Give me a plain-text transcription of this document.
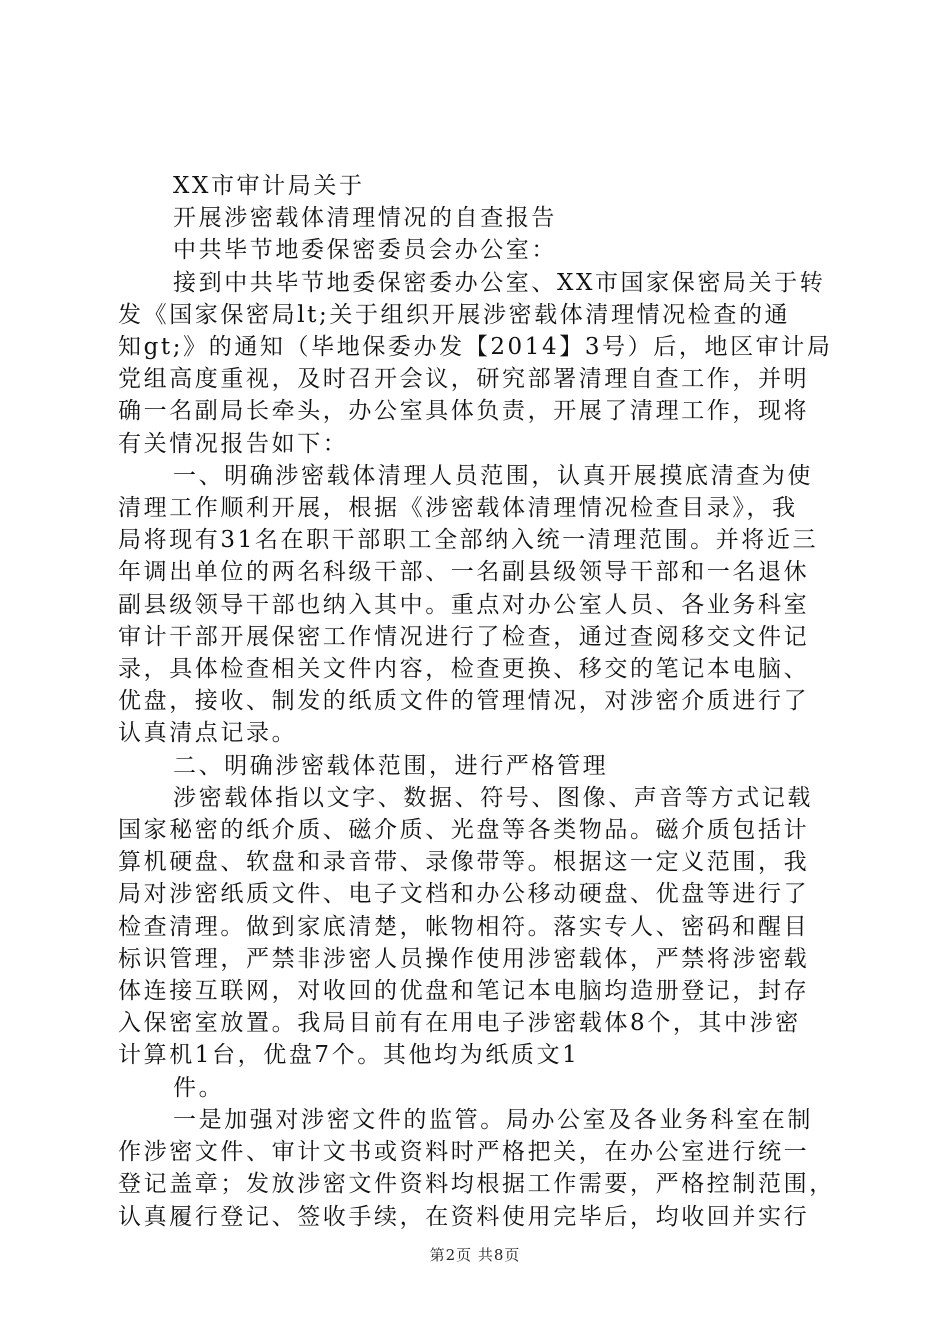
XX市审计局关于
开展涉密载体清理情况的自查报告
中共毕节地委保密委员会办公室：
接到中共毕节地委保密委办公室、XX市国家保密局关于转
发《国家保密局lt;关于组织开展涉密载体清理情况检查的通
知gt;》的通知（毕地保委办发【2014】3号）后，地区审计局
党组高度重视，及时召开会议，研究部署清理自查工作，并明
确一名副局长牵头，办公室具体负责，开展了清理工作，现将
有关情况报告如下：
一、明确涉密载体清理人员范围，认真开展摸底清查为使
清理工作顺利开展，根据《涉密载体清理情况检查目录》，我
局将现有31名在职干部职工全部纳入统一清理范围。并将近三
年调出单位的两名科级干部、一名副县级领导干部和一名退休
副县级领导干部也纳入其中。重点对办公室人员、各业务科室
审计干部开展保密工作情况进行了检查，通过查阅移交文件记
录，具体检查相关文件内容，检查更换、移交的笔记本电脑、
优盘，接收、制发的纸质文件的管理情况，对涉密介质进行了
认真清点记录。
二、明确涉密载体范围，进行严格管理
涉密载体指以文字、数据、符号、图像、声音等方式记载
国家秘密的纸介质、磁介质、光盘等各类物品。磁介质包括计
算机硬盘、软盘和录音带、录像带等。根据这一定义范围，我
局对涉密纸质文件、电子文档和办公移动硬盘、优盘等进行了
检查清理。做到家底清楚，帐物相符。落实专人、密码和醒目
标识管理，严禁非涉密人员操作使用涉密载体，严禁将涉密载
体连接互联网，对收回的优盘和笔记本电脑均造册登记，封存
入保密室放置。我局目前有在用电子涉密载体8个，其中涉密
计算机1台，优盘7个。其他均为纸质文1
件。
一是加强对涉密文件的监管。局办公室及各业务科室在制
作涉密文件、审计文书或资料时严格把关，在办公室进行统一
登记盖章；发放涉密文件资料均根据工作需要，严格控制范围，
认真履行登记、签收手续，在资料使用完毕后，均收回并实行
第2页 共8页
